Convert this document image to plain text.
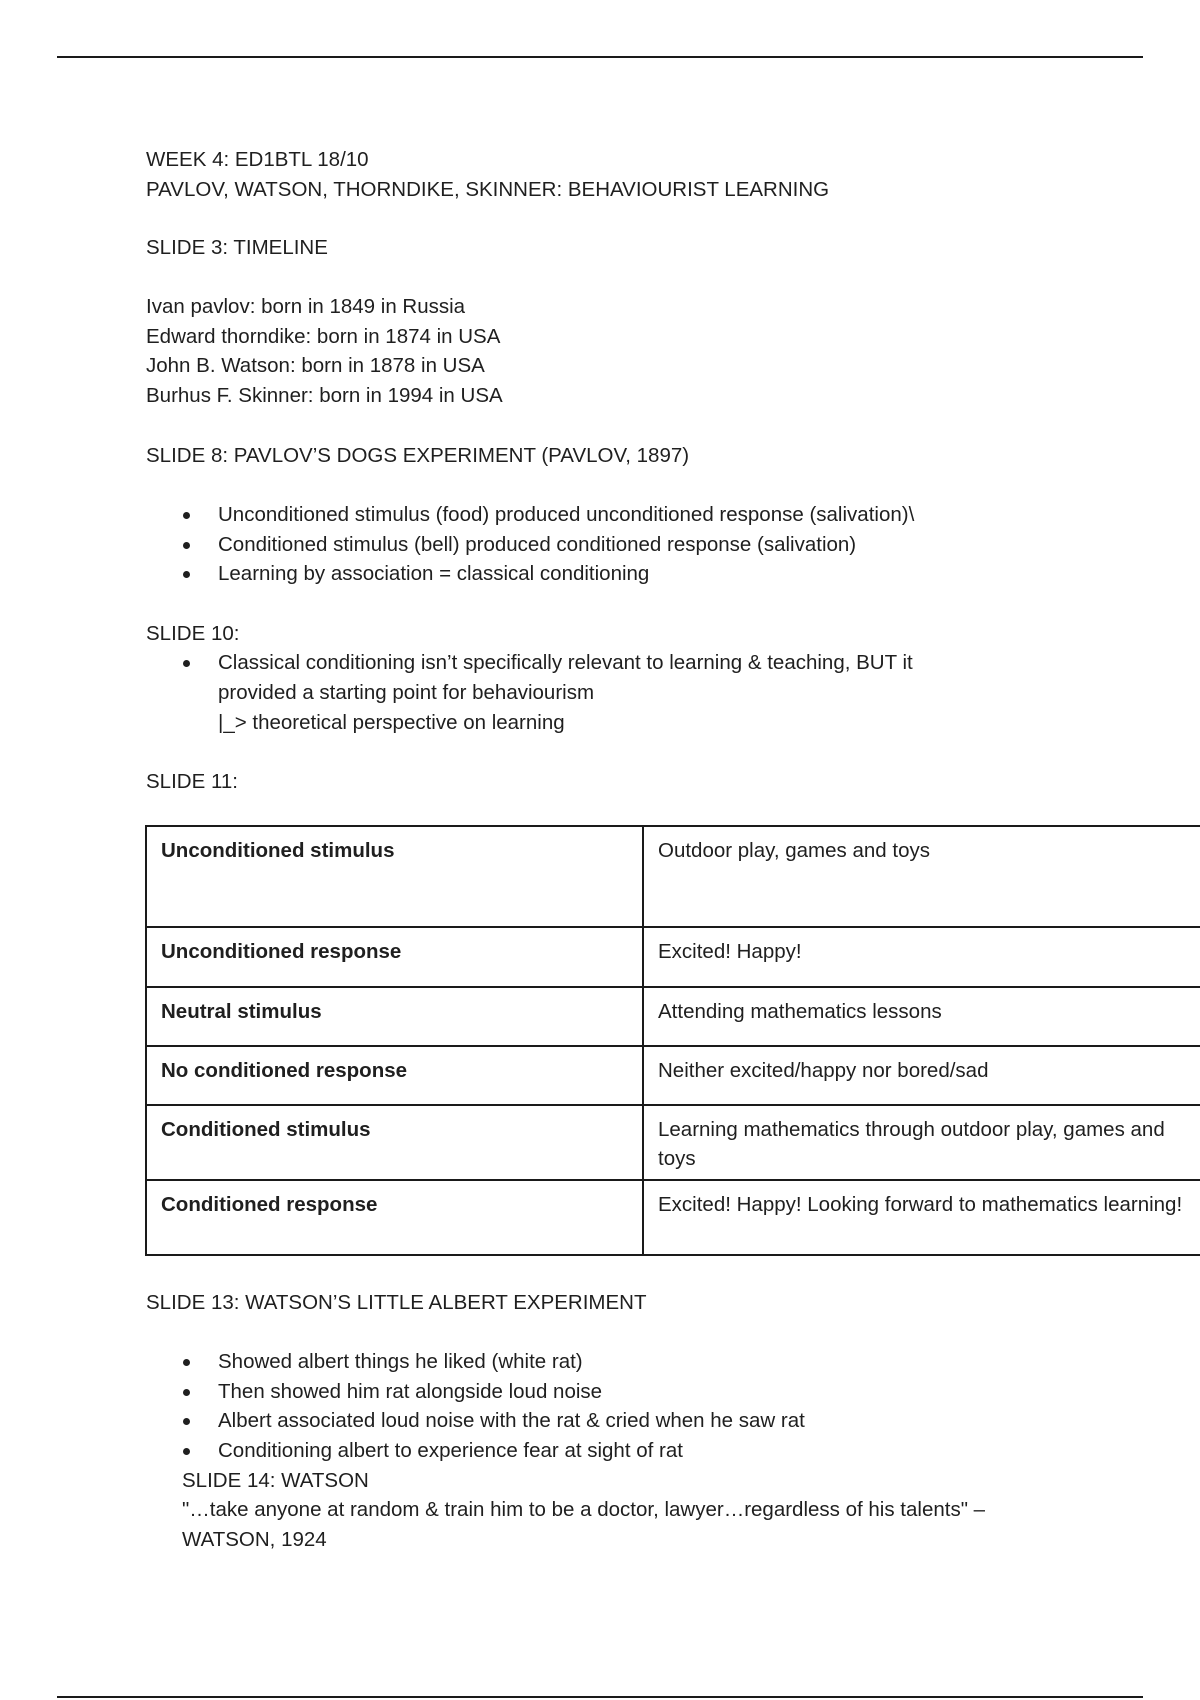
WEEK 4: ED1BTL 18/10
PAVLOV, WATSON, THORNDIKE, SKINNER: BEHAVIOURIST LEARNING
SLIDE 3: TIMELINE
Ivan pavlov: born in 1849 in Russia
Edward thorndike: born in 1874 in USA
John B. Watson: born in 1878 in USA
Burhus F. Skinner: born in 1994 in USA
SLIDE 8: PAVLOV’S DOGS EXPERIMENT (PAVLOV, 1897)
Unconditioned stimulus (food) produced unconditioned response (salivation)\
Conditioned stimulus (bell) produced conditioned response (salivation)
Learning by association = classical conditioning
SLIDE 10:
Classical conditioning isn’t specifically relevant to learning & teaching, BUT it
provided a starting point for behaviourism
|_> theoretical perspective on learning
SLIDE 11:
Unconditioned stimulus	Outdoor play, games and toys
Unconditioned response	Excited! Happy!
Neutral stimulus	Attending mathematics lessons
No conditioned response	Neither excited/happy nor bored/sad
Conditioned stimulus	Learning mathematics through outdoor play, games and toys
Conditioned response	Excited! Happy! Looking forward to mathematics learning!
SLIDE 13: WATSON’S LITTLE ALBERT EXPERIMENT
Showed albert things he liked (white rat)
Then showed him rat alongside loud noise
Albert associated loud noise with the rat & cried when he saw rat
Conditioning albert to experience fear at sight of rat
SLIDE 14: WATSON
"…take anyone at random & train him to be a doctor, lawyer…regardless of his talents" –
WATSON, 1924
